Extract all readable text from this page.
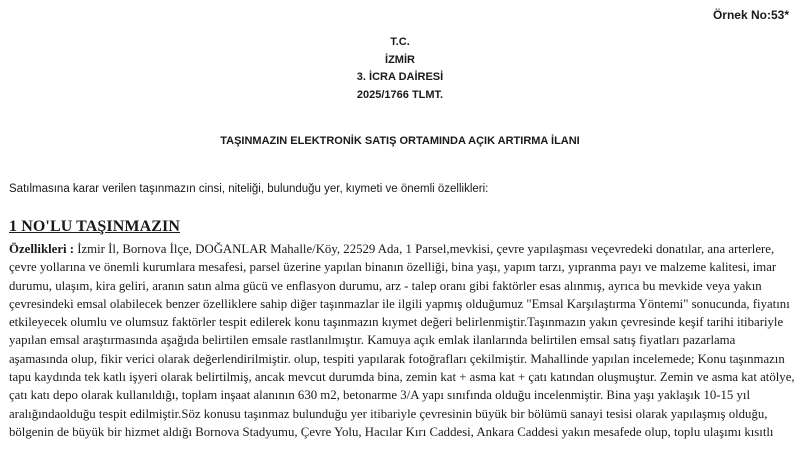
Örnek No:53*
T.C.
İZMİR
3. İCRA DAİRESİ
2025/1766 TLMT.
TAŞINMAZIN ELEKTRONİK SATIŞ ORTAMINDA AÇIK ARTIRMA İLANI
Satılmasına karar verilen taşınmazın cinsi, niteliği, bulunduğu yer, kıymeti ve önemli özellikleri:
1 NO'LU TAŞINMAZIN
Özellikleri : İzmir İl, Bornova İlçe, DOĞANLAR Mahalle/Köy, 22529 Ada, 1 Parsel,mevkisi, çevre yapılaşması veçevredeki donatılar, ana arterlere, çevre yollarına ve önemli kurumlara mesafesi, parsel üzerine yapılan binanın özelliği, bina yaşı, yapım tarzı, yıpranma payı ve malzeme kalitesi, imar durumu, ulaşım, kira geliri, aranın satın alma gücü ve enflasyon durumu, arz - talep oranı gibi faktörler esas alınmış, ayrıca bu mevkide veya yakın çevresindeki emsal olabilecek benzer özelliklere sahip diğer taşınmazlar ile ilgili yapmış olduğumuz "Emsal Karşılaştırma Yöntemi" sonucunda, fiyatını etkileyecek olumlu ve olumsuz faktörler tespit edilerek konu taşınmazın kıymet değeri belirlenmiştir.Taşınmazın yakın çevresinde keşif tarihi itibariyle yapılan emsal araştırmasında aşağıda belirtilen emsale rastlanılmıştır. Kamuya açık emlak ilanlarında belirtilen emsal satış fiyatları pazarlama aşamasında olup, fikir verici olarak değerlendirilmiştir. olup, tespiti yapılarak fotoğrafları çekilmiştir. Mahallinde yapılan incelemede; Konu taşınmazın tapu kaydında tek katlı işyeri olarak belirtilmiş, ancak mevcut durumda bina, zemin kat + asma kat + çatı katından oluşmuştur. Zemin ve asma kat atölye, çatı katı depo olarak kullanıldığı, toplam inşaat alanının 630 m2, betonarme 3/A yapı sınıfında olduğu incelenmiştir. Bina yaşı yaklaşık 10-15 yıl aralığındaolduğu tespit edilmiştir.Söz konusu taşınmaz bulunduğu yer itibariyle çevresinin büyük bir bölümü sanayi tesisi olarak yapılaşmış olduğu, bölgenin de büyük bir hizmet aldığı Bornova Stadyumu, Çevre Yolu, Hacılar Kırı Caddesi, Ankara Caddesi yakın mesafede olup, toplu ulaşımı kısıtlı
